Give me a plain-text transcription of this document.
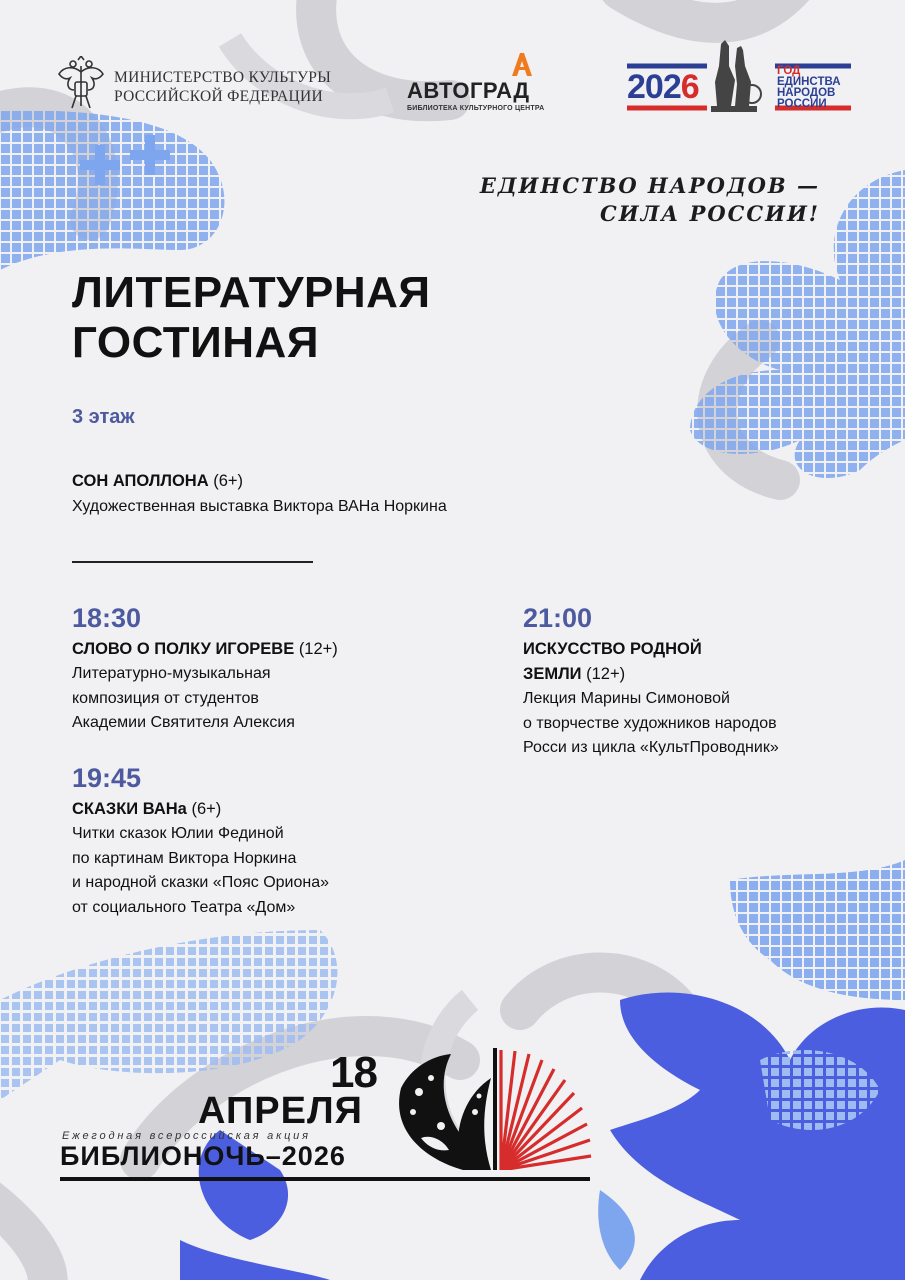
МИНИСТЕРСТВО КУЛЬТУРЫ
РОССИЙСКОЙ ФЕДЕРАЦИИ	АВТОГРАД
БИБЛИОТЕКА КУЛЬТУРНОГО ЦЕНТРА
2026	ГОД
ЕДИНСТВА
НАРОДОВ
РОССИИ
ЕДИНСТВО НАРОДОВ —
СИЛА РОССИИ!
ЛИТЕРАТУРНАЯ
ГОСТИНАЯ
3 этаж
СОН АПОЛЛОНА (6+)
Художественная выставка Виктора ВАНа Норкина
18:30
СЛОВО О ПОЛКУ ИГОРЕВЕ (12+)
Литературно-музыкальная
композиция от студентов
Академии Святителя Алексия
19:45
СКАЗКИ ВАНа (6+)
Читки сказок Юлии Фединой
по картинам Виктора Норкина
и народной сказки «Пояс Ориона»
от социального Театра «Дом»
21:00
ИСКУССТВО РОДНОЙ
ЗЕМЛИ (12+)
Лекция Марины Симоновой
о творчестве художников народов
Росси из цикла «КультПроводник»
18
АПРЕЛЯ
Ежегодная всероссийская акция
БИБЛИОНОЧЬ–2026
